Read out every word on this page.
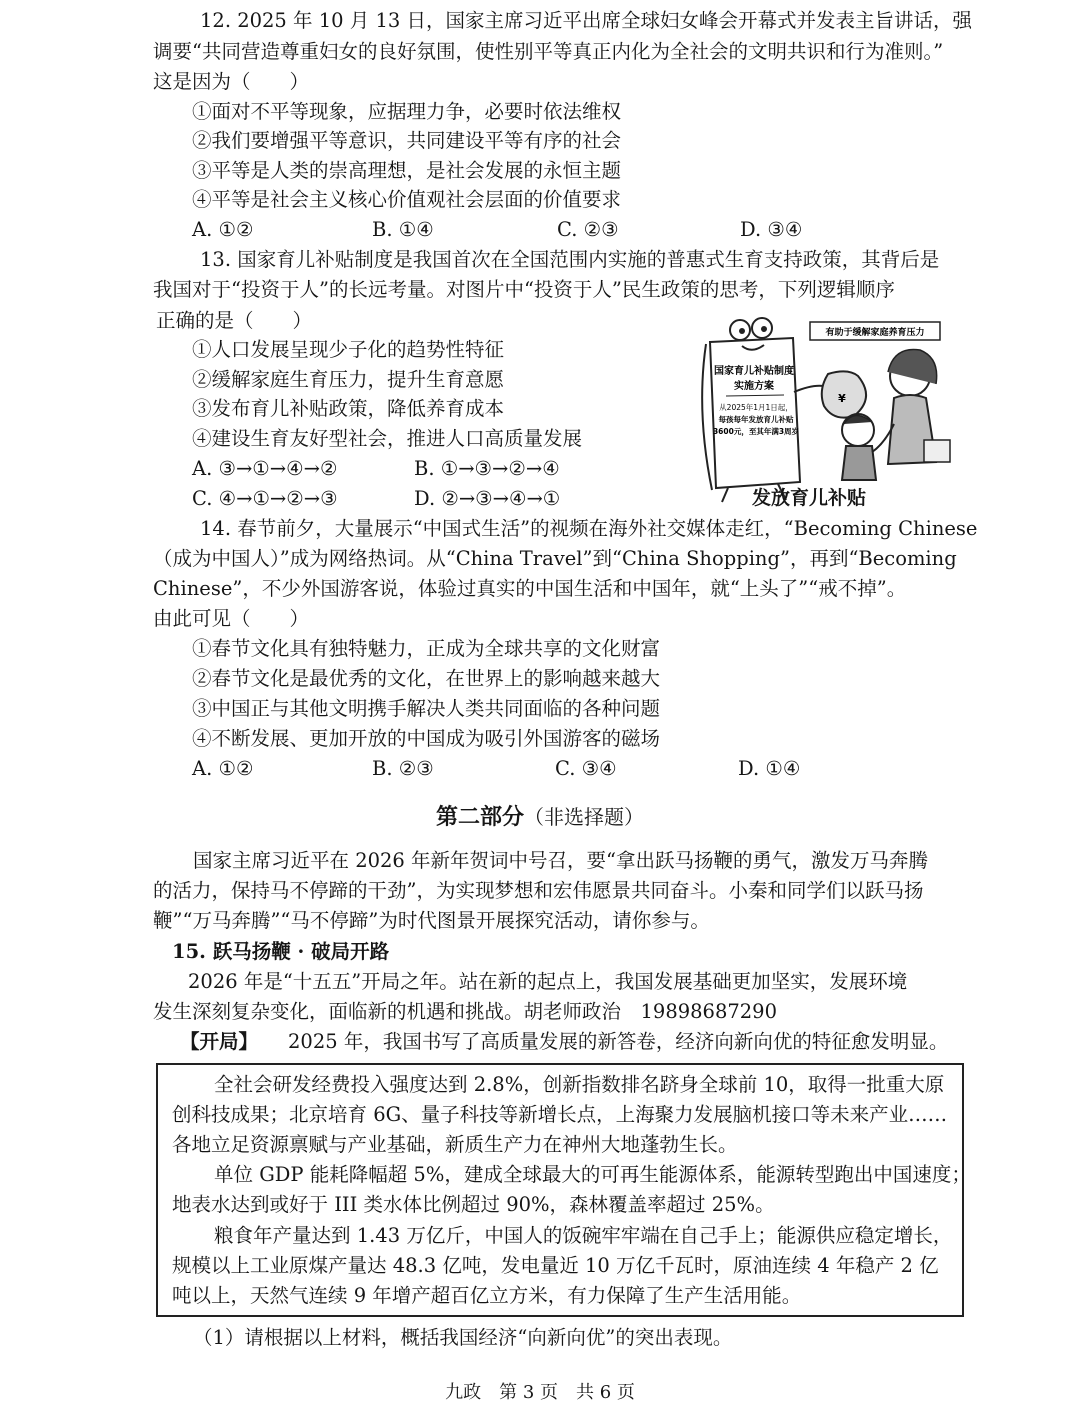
12. 2025 年 10 月 13 日，国家主席习近平出席全球妇女峰会开幕式并发表主旨讲话，强
调要“共同营造尊重妇女的良好氛围，使性别平等真正内化为全社会的文明共识和行为准则。”
这是因为（　　）
①面对不平等现象，应据理力争，必要时依法维权
②我们要增强平等意识，共同建设平等有序的社会
③平等是人类的崇高理想，是社会发展的永恒主题
④平等是社会主义核心价值观社会层面的价值要求
A. ①②	B. ①④	C. ②③	D. ③④
13. 国家育儿补贴制度是我国首次在全国范围内实施的普惠式生育支持政策，其背后是
我国对于“投资于人”的长远考量。对图片中“投资于人”民生政策的思考，下列逻辑顺序
正确的是（　　）
①人口发展呈现少子化的趋势性特征
②缓解家庭生育压力，提升生育意愿
③发布育儿补贴政策，降低养育成本
④建设生育友好型社会，推进人口高质量发展
A. ③→①→④→②	B. ①→③→②→④
C. ④→①→②→③	D. ②→③→④→①
有助于缓解家庭养育压力
国家育儿补贴制度
实施方案
从2025年1月1日起，
每孩每年发放育儿补贴
3600元，至其年满3周岁
¥
发放育儿补贴
14. 春节前夕，大量展示“中国式生活”的视频在海外社交媒体走红，“Becoming Chinese
（成为中国人）”成为网络热词。从“China Travel”到“China Shopping”，再到“Becoming
Chinese”，不少外国游客说，体验过真实的中国生活和中国年，就“上头了”“戒不掉”。
由此可见（　　）
①春节文化具有独特魅力，正成为全球共享的文化财富
②春节文化是最优秀的文化，在世界上的影响越来越大
③中国正与其他文明携手解决人类共同面临的各种问题
④不断发展、更加开放的中国成为吸引外国游客的磁场
A. ①②	B. ②③	C. ③④	D. ①④
第二部分（非选择题）
国家主席习近平在 2026 年新年贺词中号召，要“拿出跃马扬鞭的勇气，激发万马奔腾
的活力，保持马不停蹄的干劲”，为实现梦想和宏伟愿景共同奋斗。小秦和同学们以跃马扬
鞭”“万马奔腾”“马不停蹄”为时代图景开展探究活动，请你参与。
15. 跃马扬鞭 · 破局开路
2026 年是“十五五”开局之年。站在新的起点上，我国发展基础更加坚实，发展环境
发生深刻复杂变化，面临新的机遇和挑战。胡老师政治　19898687290
【开局】 2025 年，我国书写了高质量发展的新答卷，经济向新向优的特征愈发明显。
全社会研发经费投入强度达到 2.8%，创新指数排名跻身全球前 10，取得一批重大原
创科技成果；北京培育 6G、量子科技等新增长点，上海聚力发展脑机接口等未来产业……
各地立足资源禀赋与产业基础，新质生产力在神州大地蓬勃生长。
单位 GDP 能耗降幅超 5%，建成全球最大的可再生能源体系，能源转型跑出中国速度；
地表水达到或好于 III 类水体比例超过 90%，森林覆盖率超过 25%。
粮食年产量达到 1.43 万亿斤，中国人的饭碗牢牢端在自己手上；能源供应稳定增长，
规模以上工业原煤产量达 48.3 亿吨，发电量近 10 万亿千瓦时，原油连续 4 年稳产 2 亿
吨以上，天然气连续 9 年增产超百亿立方米，有力保障了生产生活用能。
（1）请根据以上材料，概括我国经济“向新向优”的突出表现。
九政　第 3 页　共 6 页
